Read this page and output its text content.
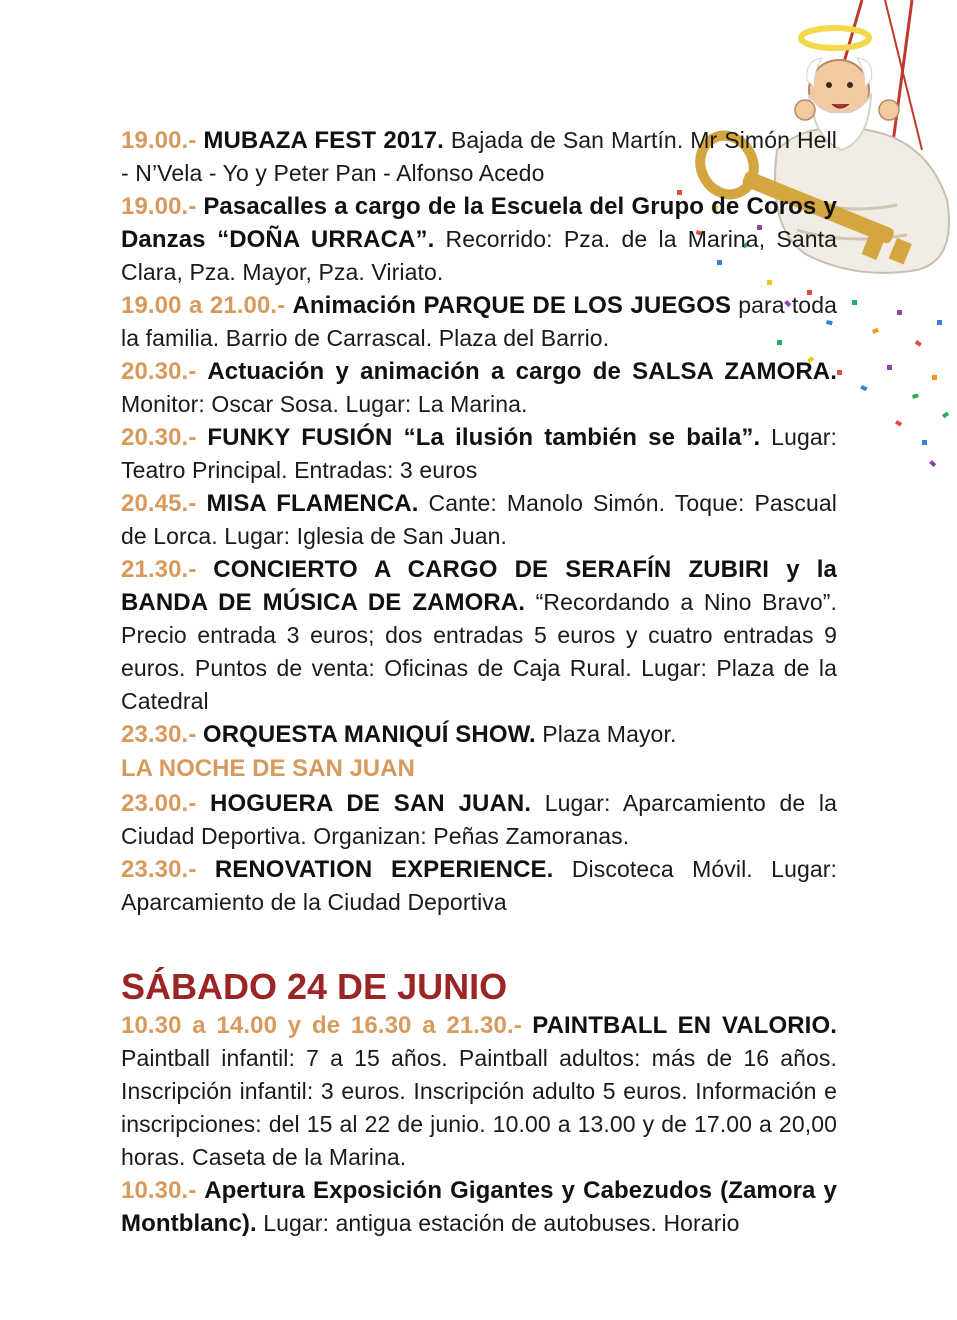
19.00.- MUBAZA FEST 2017. Bajada de San Martín. Mr Simón Hell - N’Vela - Yo y Peter Pan - Alfonso Acedo

19.00.- Pasacalles a cargo de la Escuela del Grupo de Coros y Danzas “DOÑA URRACA”. Recorrido: Pza. de la Marina, Santa Clara, Pza. Mayor, Pza. Viriato.

19.00 a 21.00.- Animación PARQUE DE LOS JUEGOS para toda la familia. Barrio de Carrascal. Plaza del Barrio.

20.30.- Actuación y animación a cargo de SALSA ZAMORA. Monitor: Oscar Sosa. Lugar: La Marina.

20.30.- FUNKY FUSIÓN “La ilusión también se baila”. Lugar: Teatro Principal. Entradas: 3 euros

20.45.- MISA FLAMENCA. Cante: Manolo Simón. Toque: Pascual de Lorca. Lugar: Iglesia de San Juan.

21.30.- CONCIERTO A CARGO DE SERAFÍN ZUBIRI y la BANDA DE MÚSICA DE ZAMORA. “Recordando a Nino Bravo”. Precio entrada 3 euros; dos entradas 5 euros y cuatro entradas 9 euros. Puntos de venta: Oficinas de Caja Rural. Lugar: Plaza de la Catedral

23.30.- ORQUESTA MANIQUÍ SHOW. Plaza Mayor.

LA NOCHE DE SAN JUAN

23.00.- HOGUERA DE SAN JUAN. Lugar: Aparcamiento de la Ciudad Deportiva. Organizan: Peñas Zamoranas.

23.30.- RENOVATION EXPERIENCE. Discoteca Móvil. Lugar: Aparcamiento de la Ciudad Deportiva

SÁBADO 24 DE JUNIO

10.30 a 14.00 y de 16.30 a 21.30.- PAINTBALL EN VALORIO. Paintball infantil: 7 a 15 años. Paintball adultos: más de 16 años. Inscripción infantil: 3 euros. Inscripción adulto 5 euros. Información e inscripciones: del 15 al 22 de junio. 10.00 a 13.00 y de 17.00 a 20,00 horas. Caseta de la Marina.

10.30.- Apertura Exposición Gigantes y Cabezudos (Zamora y Montblanc). Lugar: antigua estación de autobuses. Horario
